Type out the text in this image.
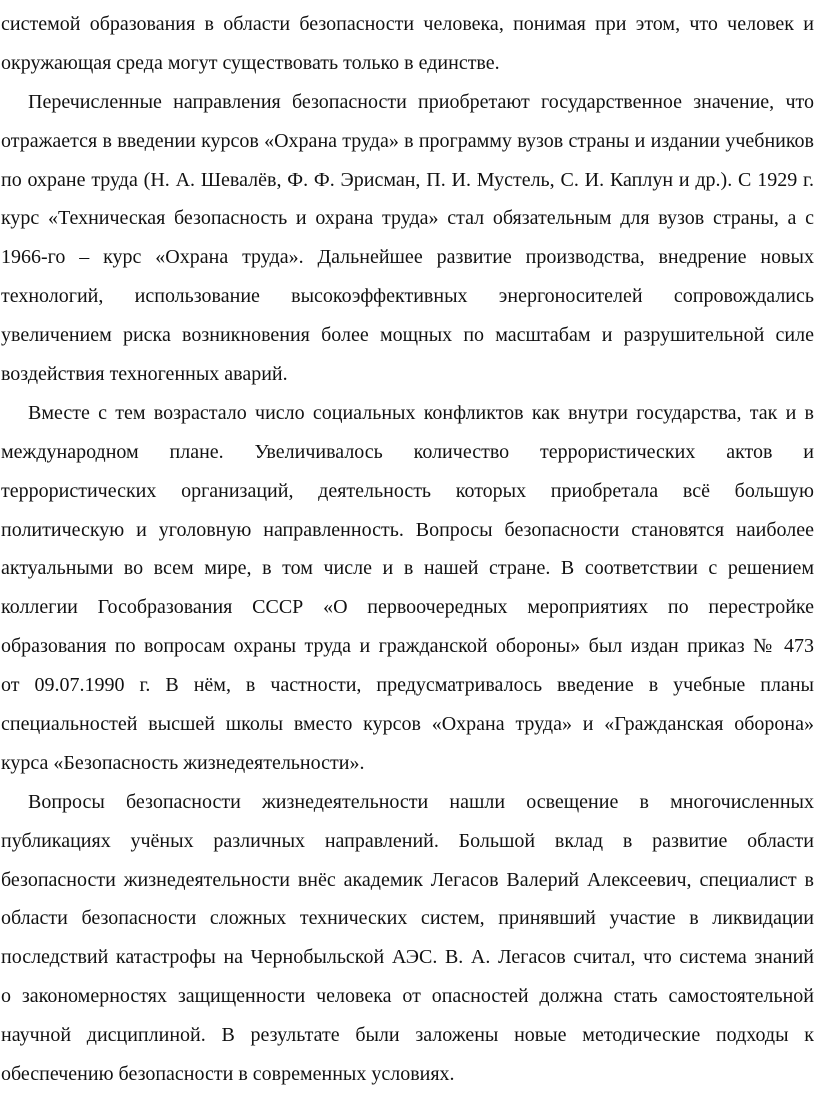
системой образования в области безопасности человека, понимая при этом, что человек и
окружающая среда могут существовать только в единстве.
Перечисленные направления безопасности приобретают государственное значение, что
отражается в введении курсов «Охрана труда» в программу вузов страны и издании учебников
по охране труда (Н. А. Шевалёв, Ф. Ф. Эрисман, П. И. Мустель, С. И. Каплун и др.). С 1929 г.
курс «Техническая безопасность и охрана труда» стал обязательным для вузов страны, а с
1966-го – курс «Охрана труда». Дальнейшее развитие производства, внедрение новых
технологий, использование высокоэффективных энергоносителей сопровождались
увеличением риска возникновения более мощных по масштабам и разрушительной силе
воздействия техногенных аварий.
Вместе с тем возрастало число социальных конфликтов как внутри государства, так и в
международном плане. Увеличивалось количество террористических актов и
террористических организаций, деятельность которых приобретала всё большую
политическую и уголовную направленность. Вопросы безопасности становятся наиболее
актуальными во всем мире, в том числе и в нашей стране. В соответствии с решением
коллегии Гособразования СССР «О первоочередных мероприятиях по перестройке
образования по вопросам охраны труда и гражданской обороны» был издан приказ № 473
от 09.07.1990 г. В нём, в частности, предусматривалось введение в учебные планы
специальностей высшей школы вместо курсов «Охрана труда» и «Гражданская оборона»
курса «Безопасность жизнедеятельности».
Вопросы безопасности жизнедеятельности нашли освещение в многочисленных
публикациях учёных различных направлений. Большой вклад в развитие области
безопасности жизнедеятельности внёс академик Легасов Валерий Алексеевич, специалист в
области безопасности сложных технических систем, принявший участие в ликвидации
последствий катастрофы на Чернобыльской АЭС. В. А. Легасов считал, что система знаний
о закономерностях защищенности человека от опасностей должна стать самостоятельной
научной дисциплиной. В результате были заложены новые методические подходы к
обеспечению безопасности в современных условиях.
